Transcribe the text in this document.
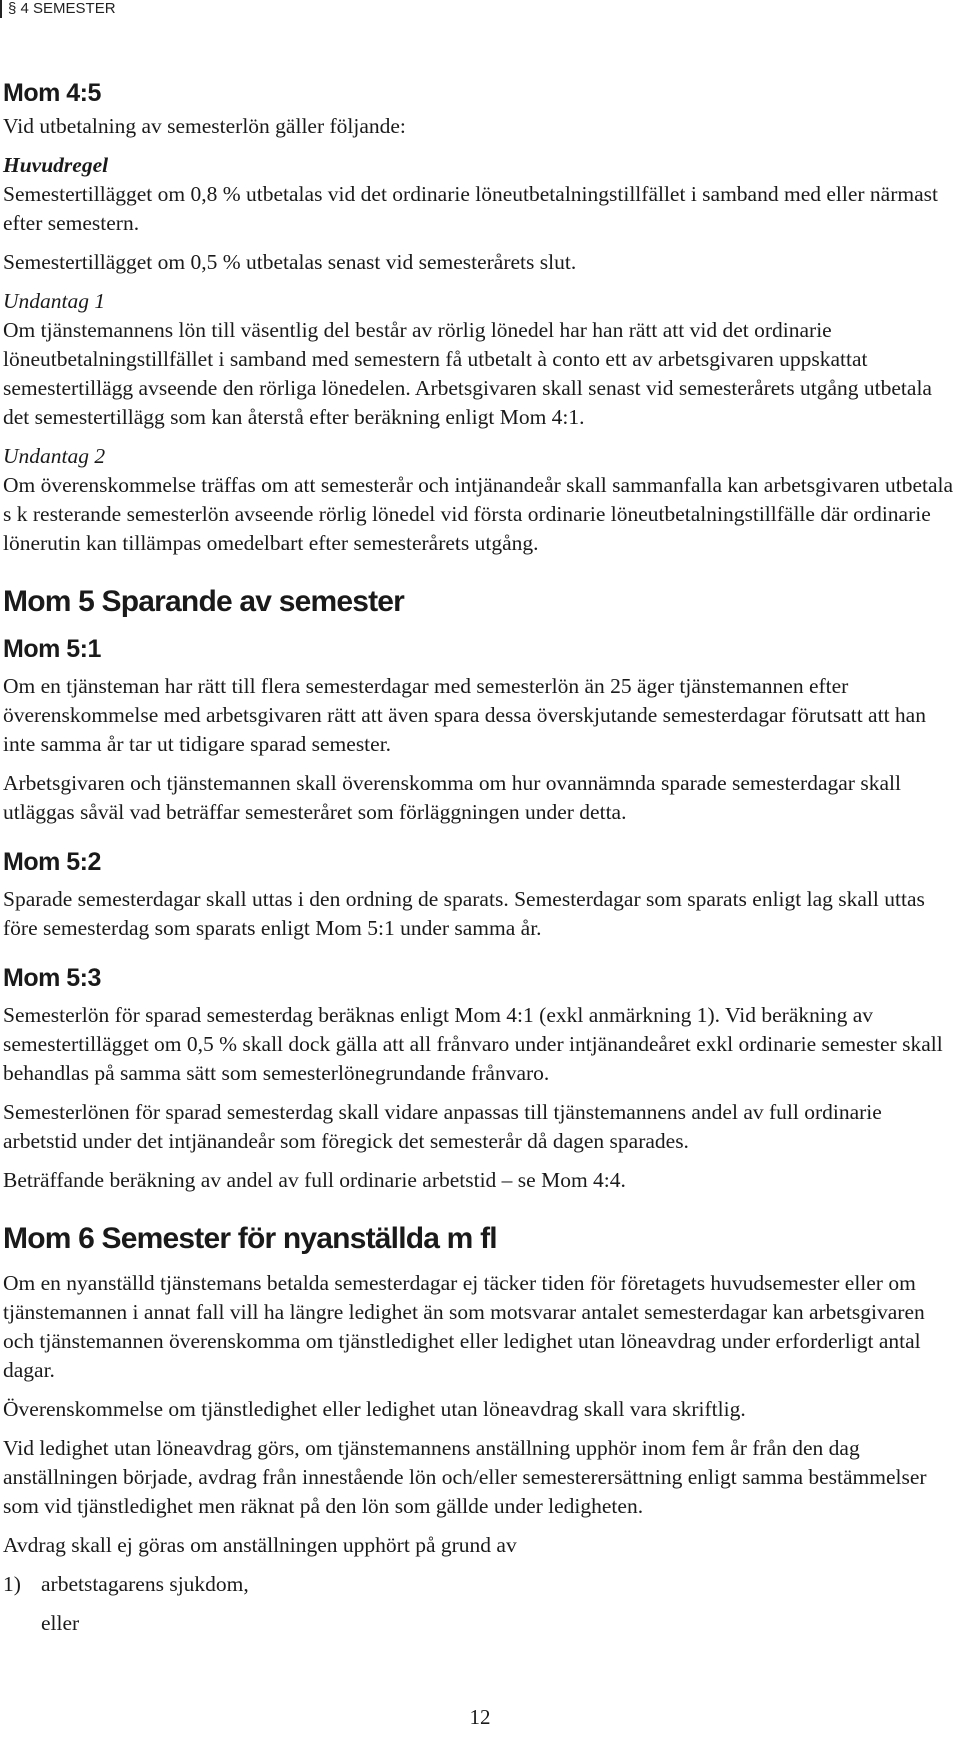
§ 4 SEMESTER
Mom 4:5

Vid utbetalning av semesterlön gäller följande:

Huvudregel

Semestertillägget om 0,8 % utbetalas vid det ordinarie löneutbetalningstillfället i samband med eller närmast efter semestern.

Semestertillägget om 0,5 % utbetalas senast vid semesterårets slut.

Undantag 1

Om tjänstemannens lön till väsentlig del består av rörlig lönedel har han rätt att vid det ordinarie löneutbetalningstillfället i samband med semestern få utbetalt à conto ett av arbetsgivaren uppskattat semestertillägg avseende den rörliga lönedelen. Arbetsgivaren skall senast vid semesterårets utgång utbetala det semestertillägg som kan återstå efter beräkning enligt Mom 4:1.

Undantag 2

Om överenskommelse träffas om att semesterår och intjänandeår skall sammanfalla kan arbetsgivaren utbetala s k resterande semesterlön avseende rörlig lönedel vid första ordinarie löneutbetalningstillfälle där ordinarie lönerutin kan tillämpas omedelbart efter semesterårets utgång.

Mom 5 Sparande av semester
Mom 5:1

Om en tjänsteman har rätt till flera semesterdagar med semesterlön än 25 äger tjänstemannen efter överenskommelse med arbetsgivaren rätt att även spara dessa överskjutande semesterdagar förutsatt att han inte samma år tar ut tidigare sparad semester.

Arbetsgivaren och tjänstemannen skall överenskomma om hur ovannämnda sparade semesterdagar skall utläggas såväl vad beträffar semesteråret som förläggningen under detta.

Mom 5:2

Sparade semesterdagar skall uttas i den ordning de sparats. Semesterdagar som sparats enligt lag skall uttas före semesterdag som sparats enligt Mom 5:1 under samma år.

Mom 5:3

Semesterlön för sparad semesterdag beräknas enligt Mom 4:1 (exkl anmärkning 1). Vid beräkning av semestertillägget om 0,5 % skall dock gälla att all frånvaro under intjänandeåret exkl ordinarie semester skall behandlas på samma sätt som semesterlönegrundande frånvaro.

Semesterlönen för sparad semesterdag skall vidare anpassas till tjänstemannens andel av full ordinarie arbetstid under det intjänandeår som föregick det semesterår då dagen sparades.

Beträffande beräkning av andel av full ordinarie arbetstid – se Mom 4:4.

Mom 6 Semester för nyanställda m fl

Om en nyanställd tjänstemans betalda semesterdagar ej täcker tiden för företagets huvudsemester eller om tjänstemannen i annat fall vill ha längre ledighet än som motsvarar antalet semesterdagar kan arbetsgivaren och tjänstemannen överenskomma om tjänstledighet eller ledighet utan löneavdrag under erforderligt antal dagar.

Överenskommelse om tjänstledighet eller ledighet utan löneavdrag skall vara skriftlig.

Vid ledighet utan löneavdrag görs, om tjänstemannens anställning upphör inom fem år från den dag anställningen började, avdrag från innestående lön och/eller semesterersättning enligt samma bestämmelser som vid tjänstledighet men räknat på den lön som gällde under ledigheten.

Avdrag skall ej göras om anställningen upphört på grund av

1) arbetstagarens sjukdom,

eller

12
